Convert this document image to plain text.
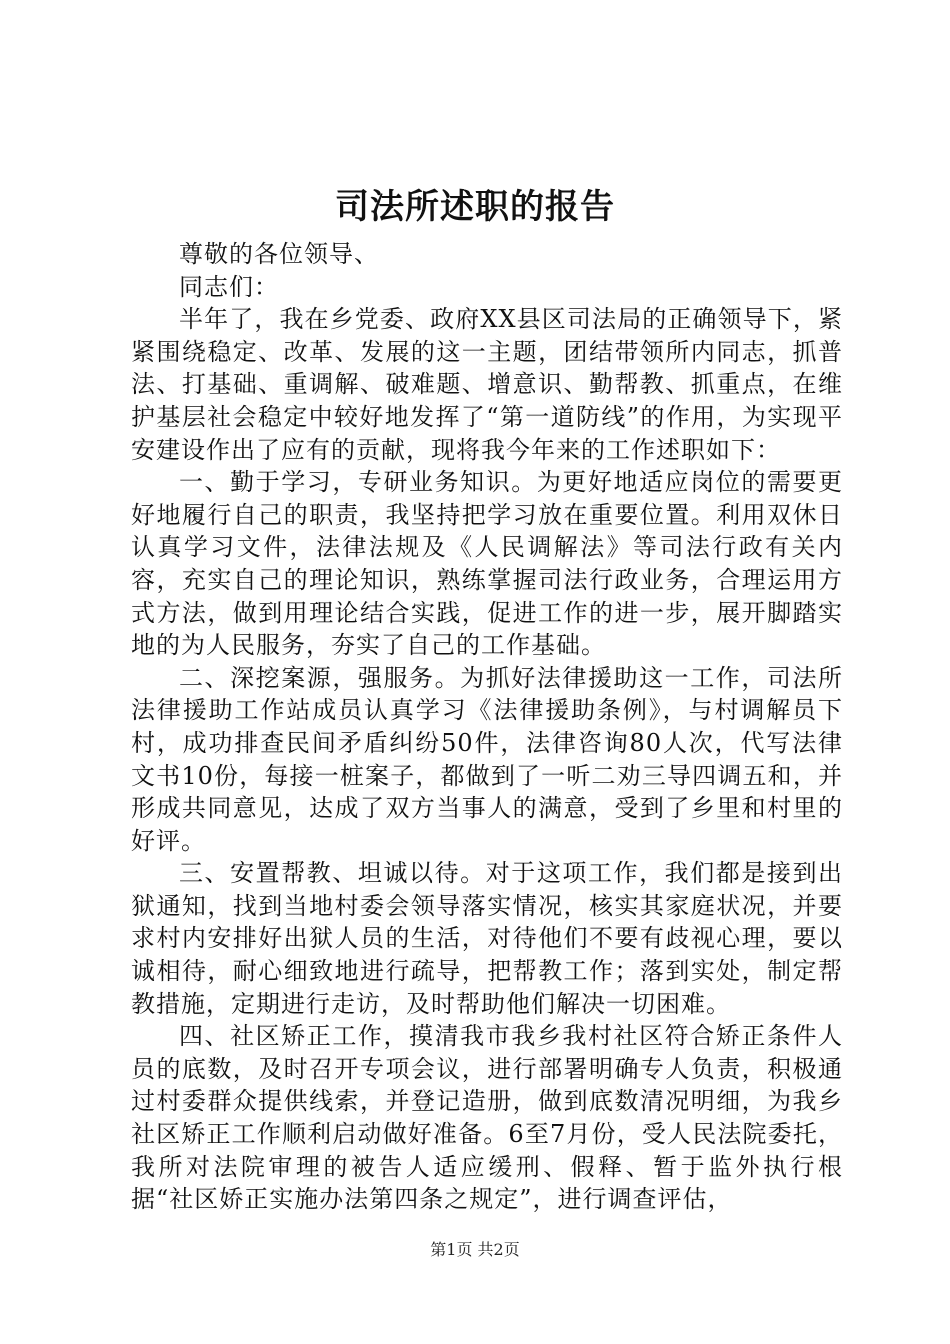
司法所述职的报告

尊敬的各位领导、

同志们：

半年了，我在乡党委、政府XX县区司法局的正确领导下，紧紧围绕稳定、改革、发展的这一主题，团结带领所内同志，抓普法、打基础、重调解、破难题、增意识、勤帮教、抓重点，在维护基层社会稳定中较好地发挥了“第一道防线”的作用，为实现平安建设作出了应有的贡献，现将我今年来的工作述职如下：

一、勤于学习，专研业务知识。为更好地适应岗位的需要更好地履行自己的职责，我坚持把学习放在重要位置。利用双休日认真学习文件，法律法规及《人民调解法》等司法行政有关内容，充实自己的理论知识，熟练掌握司法行政业务，合理运用方式方法，做到用理论结合实践，促进工作的进一步，展开脚踏实地的为人民服务，夯实了自己的工作基础。

二、深挖案源，强服务。为抓好法律援助这一工作，司法所法律援助工作站成员认真学习《法律援助条例》，与村调解员下村，成功排查民间矛盾纠纷50件，法律咨询80人次，代写法律文书10份，每接一桩案子，都做到了一听二劝三导四调五和，并形成共同意见，达成了双方当事人的满意，受到了乡里和村里的好评。

三、安置帮教、坦诚以待。对于这项工作，我们都是接到出狱通知，找到当地村委会领导落实情况，核实其家庭状况，并要求村内安排好出狱人员的生活，对待他们不要有歧视心理，要以诚相待，耐心细致地进行疏导，把帮教工作；落到实处，制定帮教措施，定期进行走访，及时帮助他们解决一切困难。

四、社区矫正工作，摸清我市我乡我村社区符合矫正条件人员的底数，及时召开专项会议，进行部署明确专人负责，积极通过村委群众提供线索，并登记造册，做到底数清况明细，为我乡社区矫正工作顺利启动做好准备。6至7月份，受人民法院委托，我所对法院审理的被告人适应缓刑、假释、暂于监外执行根据“社区娇正实施办法第四条之规定”，进行调查评估，

第1页 共2页
